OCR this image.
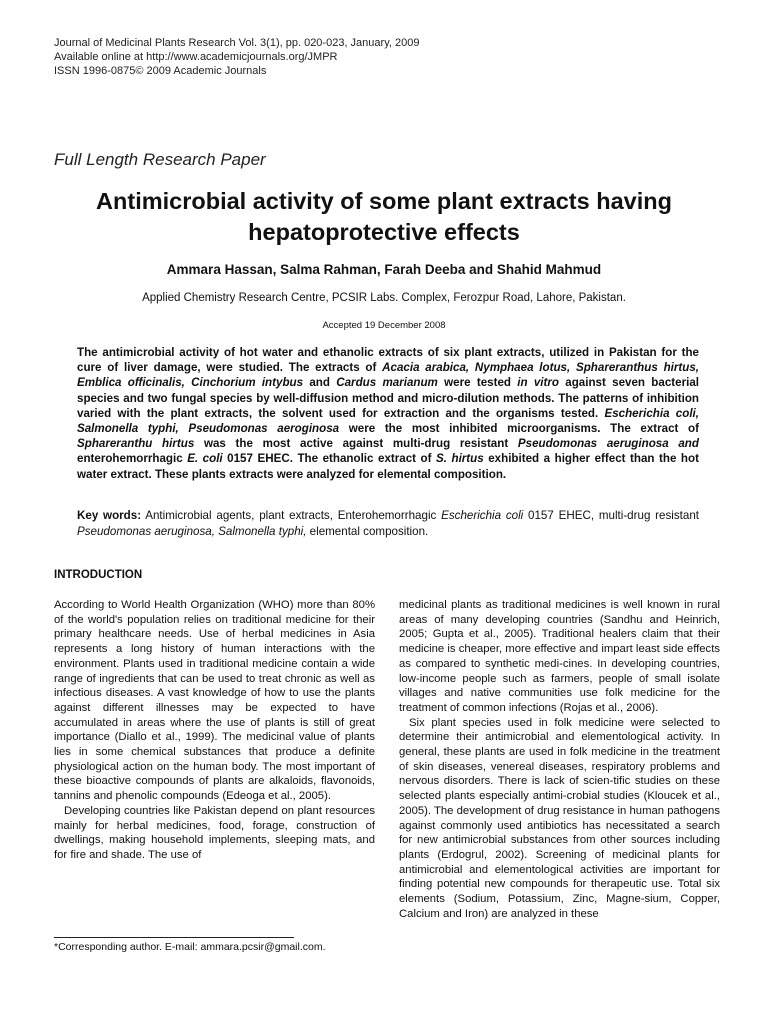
Journal of Medicinal Plants Research Vol. 3(1), pp. 020-023, January, 2009
Available online at http://www.academicjournals.org/JMPR
ISSN 1996-0875© 2009 Academic Journals
Full Length Research Paper
Antimicrobial activity of some plant extracts having hepatoprotective effects
Ammara Hassan, Salma Rahman, Farah Deeba and Shahid Mahmud
Applied Chemistry Research Centre, PCSIR Labs. Complex, Ferozpur Road, Lahore, Pakistan.
Accepted 19 December 2008

The antimicrobial activity of hot water and ethanolic extracts of six plant extracts, utilized in Pakistan for the cure of liver damage, were studied. The extracts of Acacia arabica, Nymphaea lotus, Sphareranthus hirtus, Emblica officinalis, Cinchorium intybus and Cardus marianum were tested in vitro against seven bacterial species and two fungal species by well-diffusion method and micro-dilution methods. The patterns of inhibition varied with the plant extracts, the solvent used for extraction and the organisms tested. Escherichia coli, Salmonella typhi, Pseudomonas aeroginosa were the most inhibited microorganisms. The extract of Sphareranthu hirtus was the most active against multi-drug resistant Pseudomonas aeruginosa and enterohemorrhagic E. coli 0157 EHEC. The ethanolic extract of S. hirtus exhibited a higher effect than the hot water extract. These plants extracts were analyzed for elemental composition.

Key words: Antimicrobial agents, plant extracts, Enterohemorrhagic Escherichia coli 0157 EHEC, multi-drug resistant Pseudomonas aeruginosa, Salmonella typhi, elemental composition.

INTRODUCTION

According to World Health Organization (WHO) more than 80% of the world's population relies on traditional medicine for their primary healthcare needs. Use of herbal medicines in Asia represents a long history of human interactions with the environment. Plants used in traditional medicine contain a wide range of ingredients that can be used to treat chronic as well as infectious diseases. A vast knowledge of how to use the plants against different illnesses may be expected to have accumulated in areas where the use of plants is still of great importance (Diallo et al., 1999). The medicinal value of plants lies in some chemical substances that produce a definite physiological action on the human body. The most important of these bioactive compounds of plants are alkaloids, flavonoids, tannins and phenolic compounds (Edeoga et al., 2005).

Developing countries like Pakistan depend on plant resources mainly for herbal medicines, food, forage, construction of dwellings, making household implements, sleeping mats, and for fire and shade. The use of

medicinal plants as traditional medicines is well known in rural areas of many developing countries (Sandhu and Heinrich, 2005; Gupta et al., 2005). Traditional healers claim that their medicine is cheaper, more effective and impart least side effects as compared to synthetic medi-cines. In developing countries, low-income people such as farmers, people of small isolate villages and native communities use folk medicine for the treatment of common infections (Rojas et al., 2006).

Six plant species used in folk medicine were selected to determine their antimicrobial and elementological activity. In general, these plants are used in folk medicine in the treatment of skin diseases, venereal diseases, respiratory problems and nervous disorders. There is lack of scien-tific studies on these selected plants especially antimi-crobial studies (Kloucek et al., 2005). The development of drug resistance in human pathogens against commonly used antibiotics has necessitated a search for new antimicrobial substances from other sources including plants (Erdogrul, 2002). Screening of medicinal plants for antimicrobial and elementological activities are important for finding potential new compounds for therapeutic use. Total six elements (Sodium, Potassium, Zinc, Magne-sium, Copper, Calcium and Iron) are analyzed in these

*Corresponding author. E-mail: ammara.pcsir@gmail.com.
